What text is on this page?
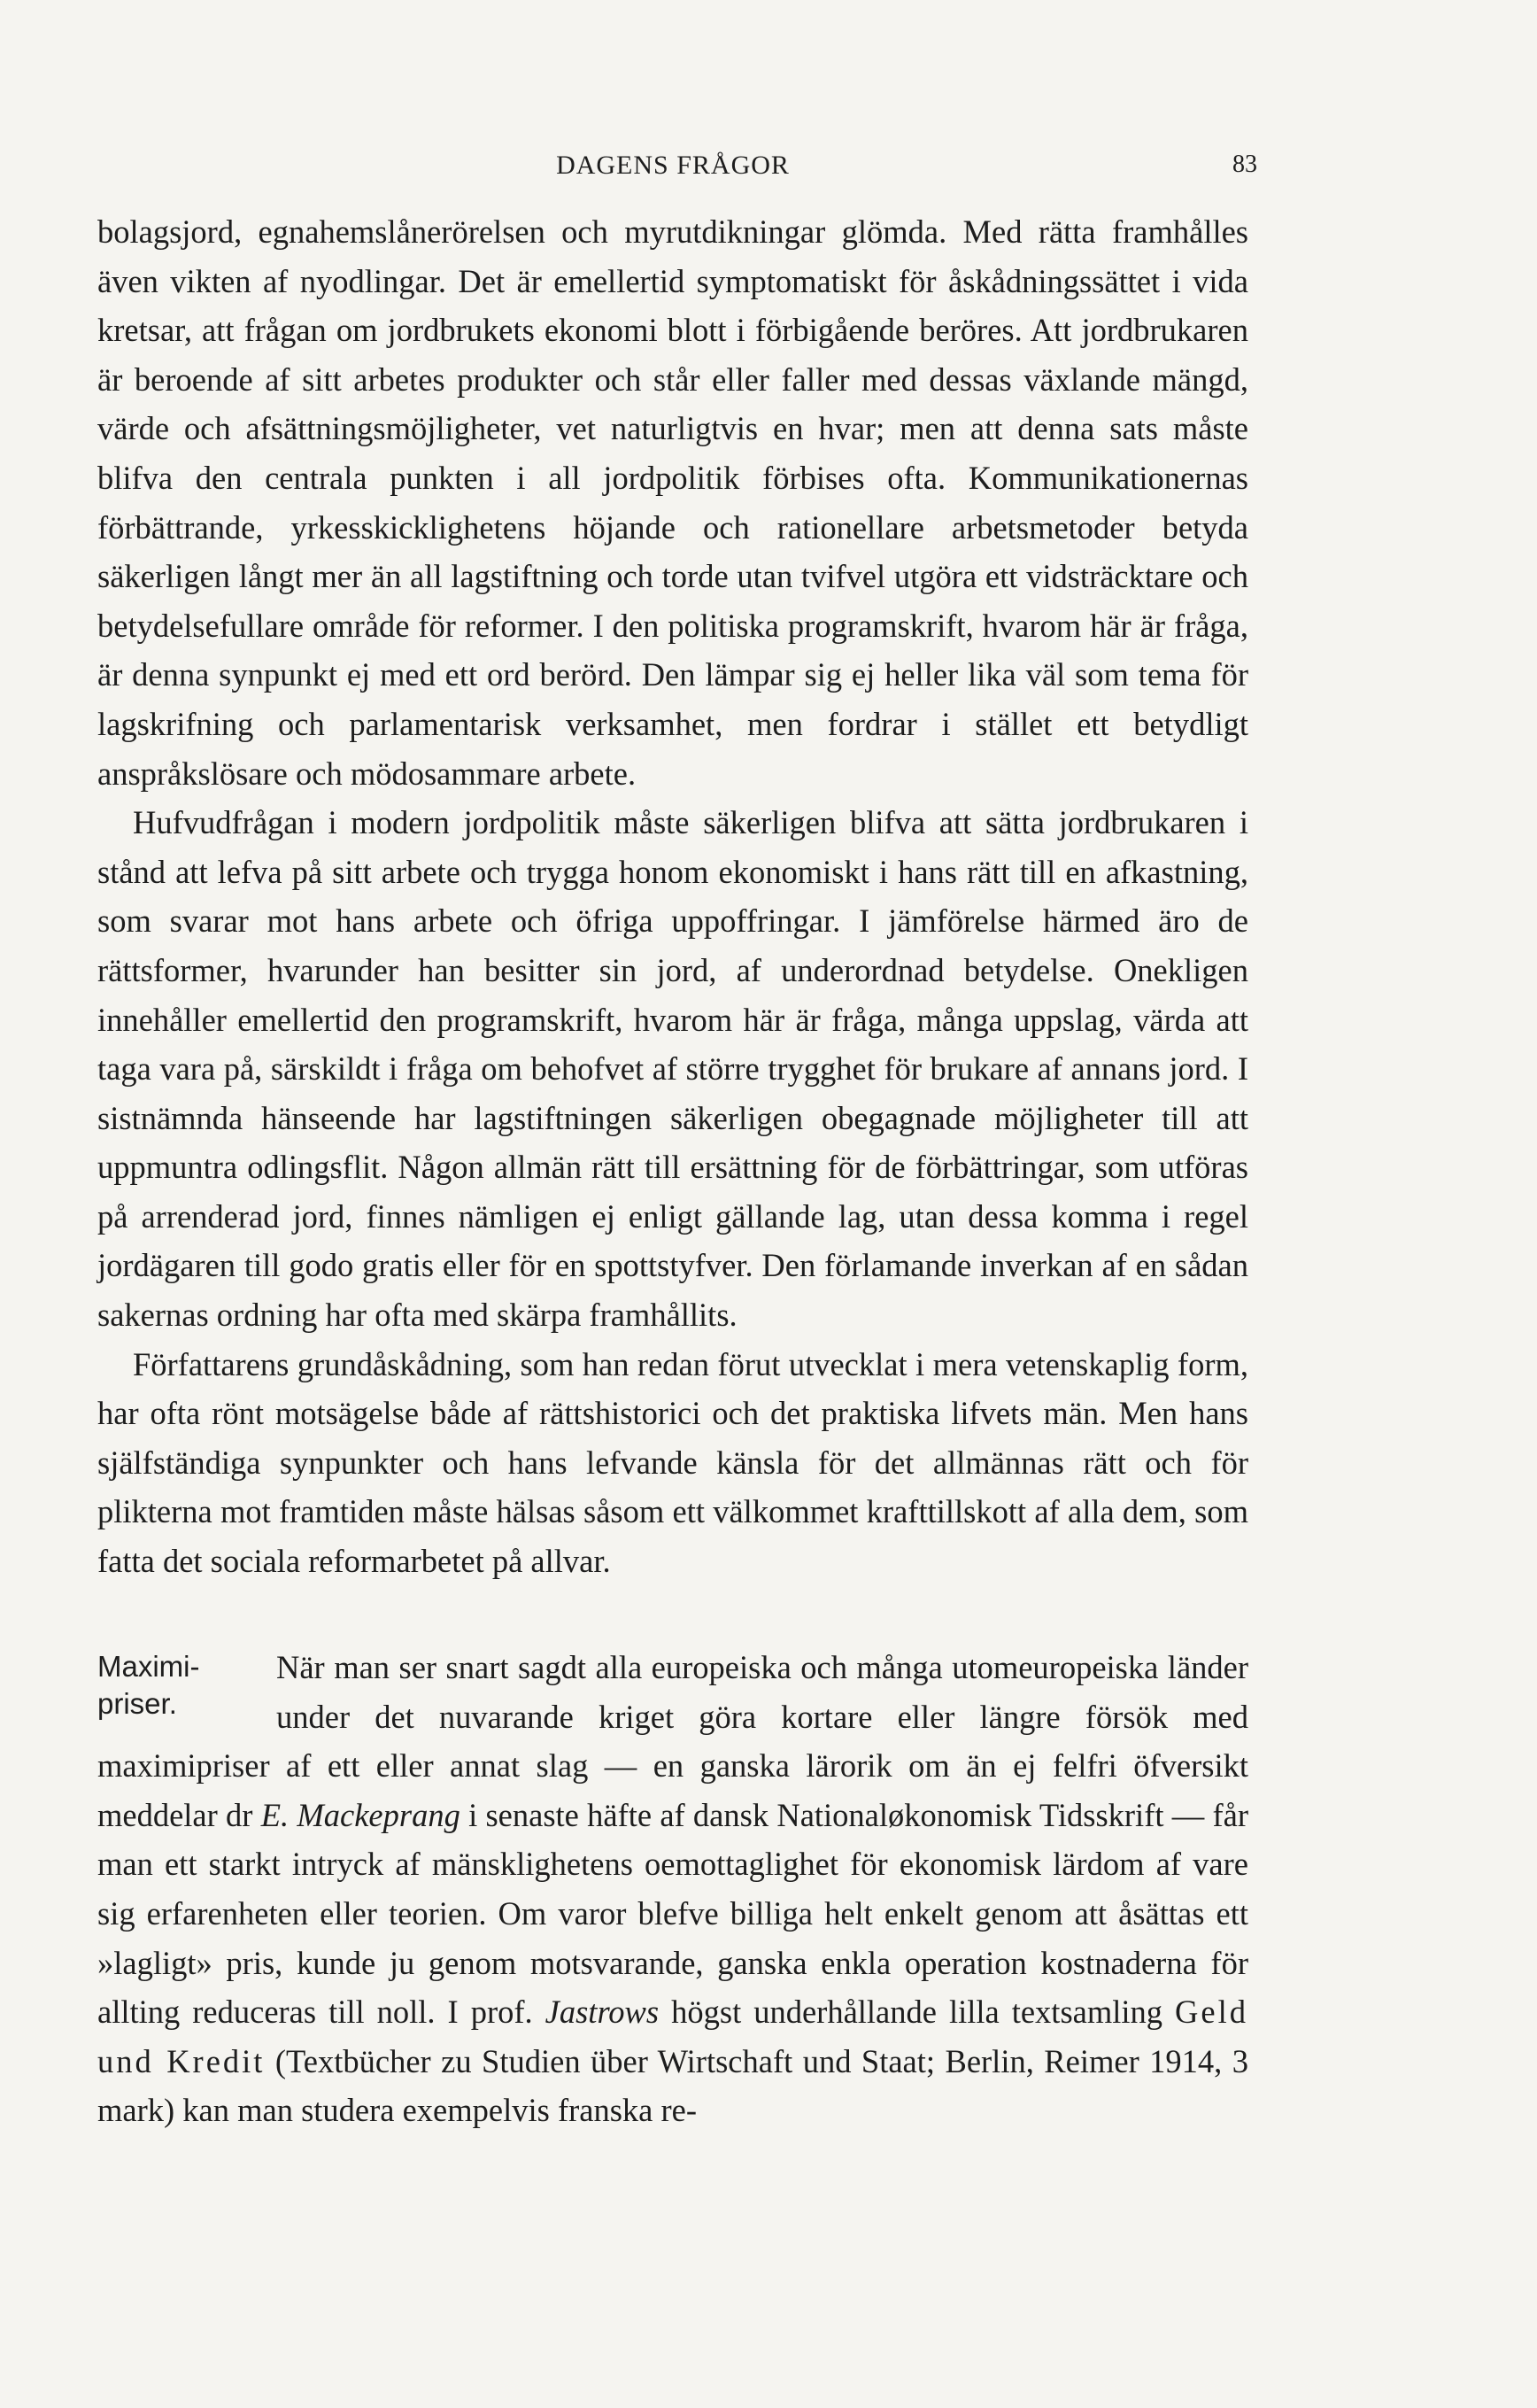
DAGENS FRÅGOR	83

bolagsjord, egnahemslånerörelsen och myrutdikningar glömda. Med rätta framhålles även vikten af nyodlingar. Det är emellertid symptomatiskt för åskådningssättet i vida kretsar, att frågan om jordbrukets ekonomi blott i förbigående beröres. Att jordbrukaren är beroende af sitt arbetes produkter och står eller faller med dessas växlande mängd, värde och afsättningsmöjligheter, vet naturligtvis en hvar; men att denna sats måste blifva den centrala punkten i all jordpolitik förbises ofta. Kommunikationernas förbättrande, yrkesskicklighetens höjande och rationellare arbetsmetoder betyda säkerligen långt mer än all lagstiftning och torde utan tvifvel utgöra ett vidsträcktare och betydelsefullare område för reformer. I den politiska programskrift, hvarom här är fråga, är denna synpunkt ej med ett ord berörd. Den lämpar sig ej heller lika väl som tema för lagskrifning och parlamentarisk verksamhet, men fordrar i stället ett betydligt anspråkslösare och mödosammare arbete.

Hufvudfrågan i modern jordpolitik måste säkerligen blifva att sätta jordbrukaren i stånd att lefva på sitt arbete och trygga honom ekonomiskt i hans rätt till en afkastning, som svarar mot hans arbete och öfriga uppoffringar. I jämförelse härmed äro de rättsformer, hvarunder han besitter sin jord, af underordnad betydelse. Onekligen innehåller emellertid den programskrift, hvarom här är fråga, många uppslag, värda att taga vara på, särskildt i fråga om behofvet af större trygghet för brukare af annans jord. I sistnämnda hänseende har lagstiftningen säkerligen obegagnade möjligheter till att uppmuntra odlingsflit. Någon allmän rätt till ersättning för de förbättringar, som utföras på arrenderad jord, finnes nämligen ej enligt gällande lag, utan dessa komma i regel jordägaren till godo gratis eller för en spottstyfver. Den förlamande inverkan af en sådan sakernas ordning har ofta med skärpa framhållits.

Författarens grundåskådning, som han redan förut utvecklat i mera vetenskaplig form, har ofta rönt motsägelse både af rättshistorici och det praktiska lifvets män. Men hans själfständiga synpunkter och hans lefvande känsla för det allmännas rätt och för plikterna mot framtiden måste hälsas såsom ett välkommet krafttillskott af alla dem, som fatta det sociala reformarbetet på allvar.

Maximi-
priser.

När man ser snart sagdt alla europeiska och många utomeuropeiska länder under det nuvarande kriget göra kortare eller längre försök med maximipriser af ett eller annat slag — en ganska lärorik om än ej felfri öfversikt meddelar dr E. Mackeprang i senaste häfte af dansk Nationaløkonomisk Tidsskrift — får man ett starkt intryck af mänsklighetens oemottaglighet för ekonomisk lärdom af vare sig erfarenheten eller teorien. Om varor blefve billiga helt enkelt genom att åsättas ett »lagligt» pris, kunde ju genom motsvarande, ganska enkla operation kostnaderna för allting reduceras till noll. I prof. Jastrows högst underhållande lilla textsamling Geld und Kredit (Textbücher zu Studien über Wirtschaft und Staat; Berlin, Reimer 1914, 3 mark) kan man studera exempelvis franska re-
